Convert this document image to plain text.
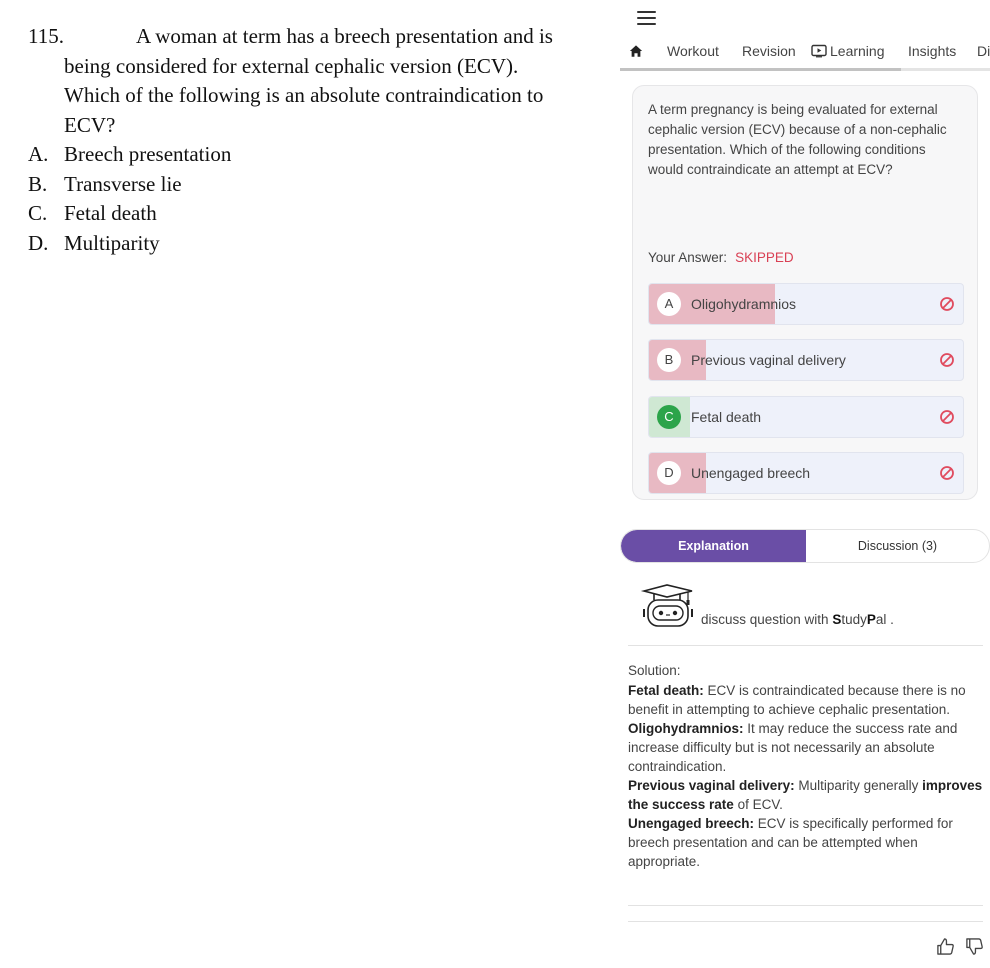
115.	A woman at term has a breech presentation and is
being considered for external cephalic version (ECV).
Which of the following is an absolute contraindication to
ECV?
A. Breech presentation
B. Transverse lie
C. Fetal death
D. Multiparity
Workout Revision Learning Insights Di
A term pregnancy is being evaluated for external cephalic version (ECV) because of a non-cephalic presentation. Which of the following conditions would contraindicate an attempt at ECV?
Your Answer: SKIPPED
A	Oligohydramnios
B	Previous vaginal delivery
C	Fetal death
D	Unengaged breech
Explanation	Discussion (3)
discuss question with StudyPal .

Solution:

Fetal death: ECV is contraindicated because there is no benefit in attempting to achieve cephalic presentation.

Oligohydramnios: It may reduce the success rate and increase difficulty but is not necessarily an absolute contraindication.

Previous vaginal delivery: Multiparity generally improves the success rate of ECV.

Unengaged breech: ECV is specifically performed for breech presentation and can be attempted when appropriate.
